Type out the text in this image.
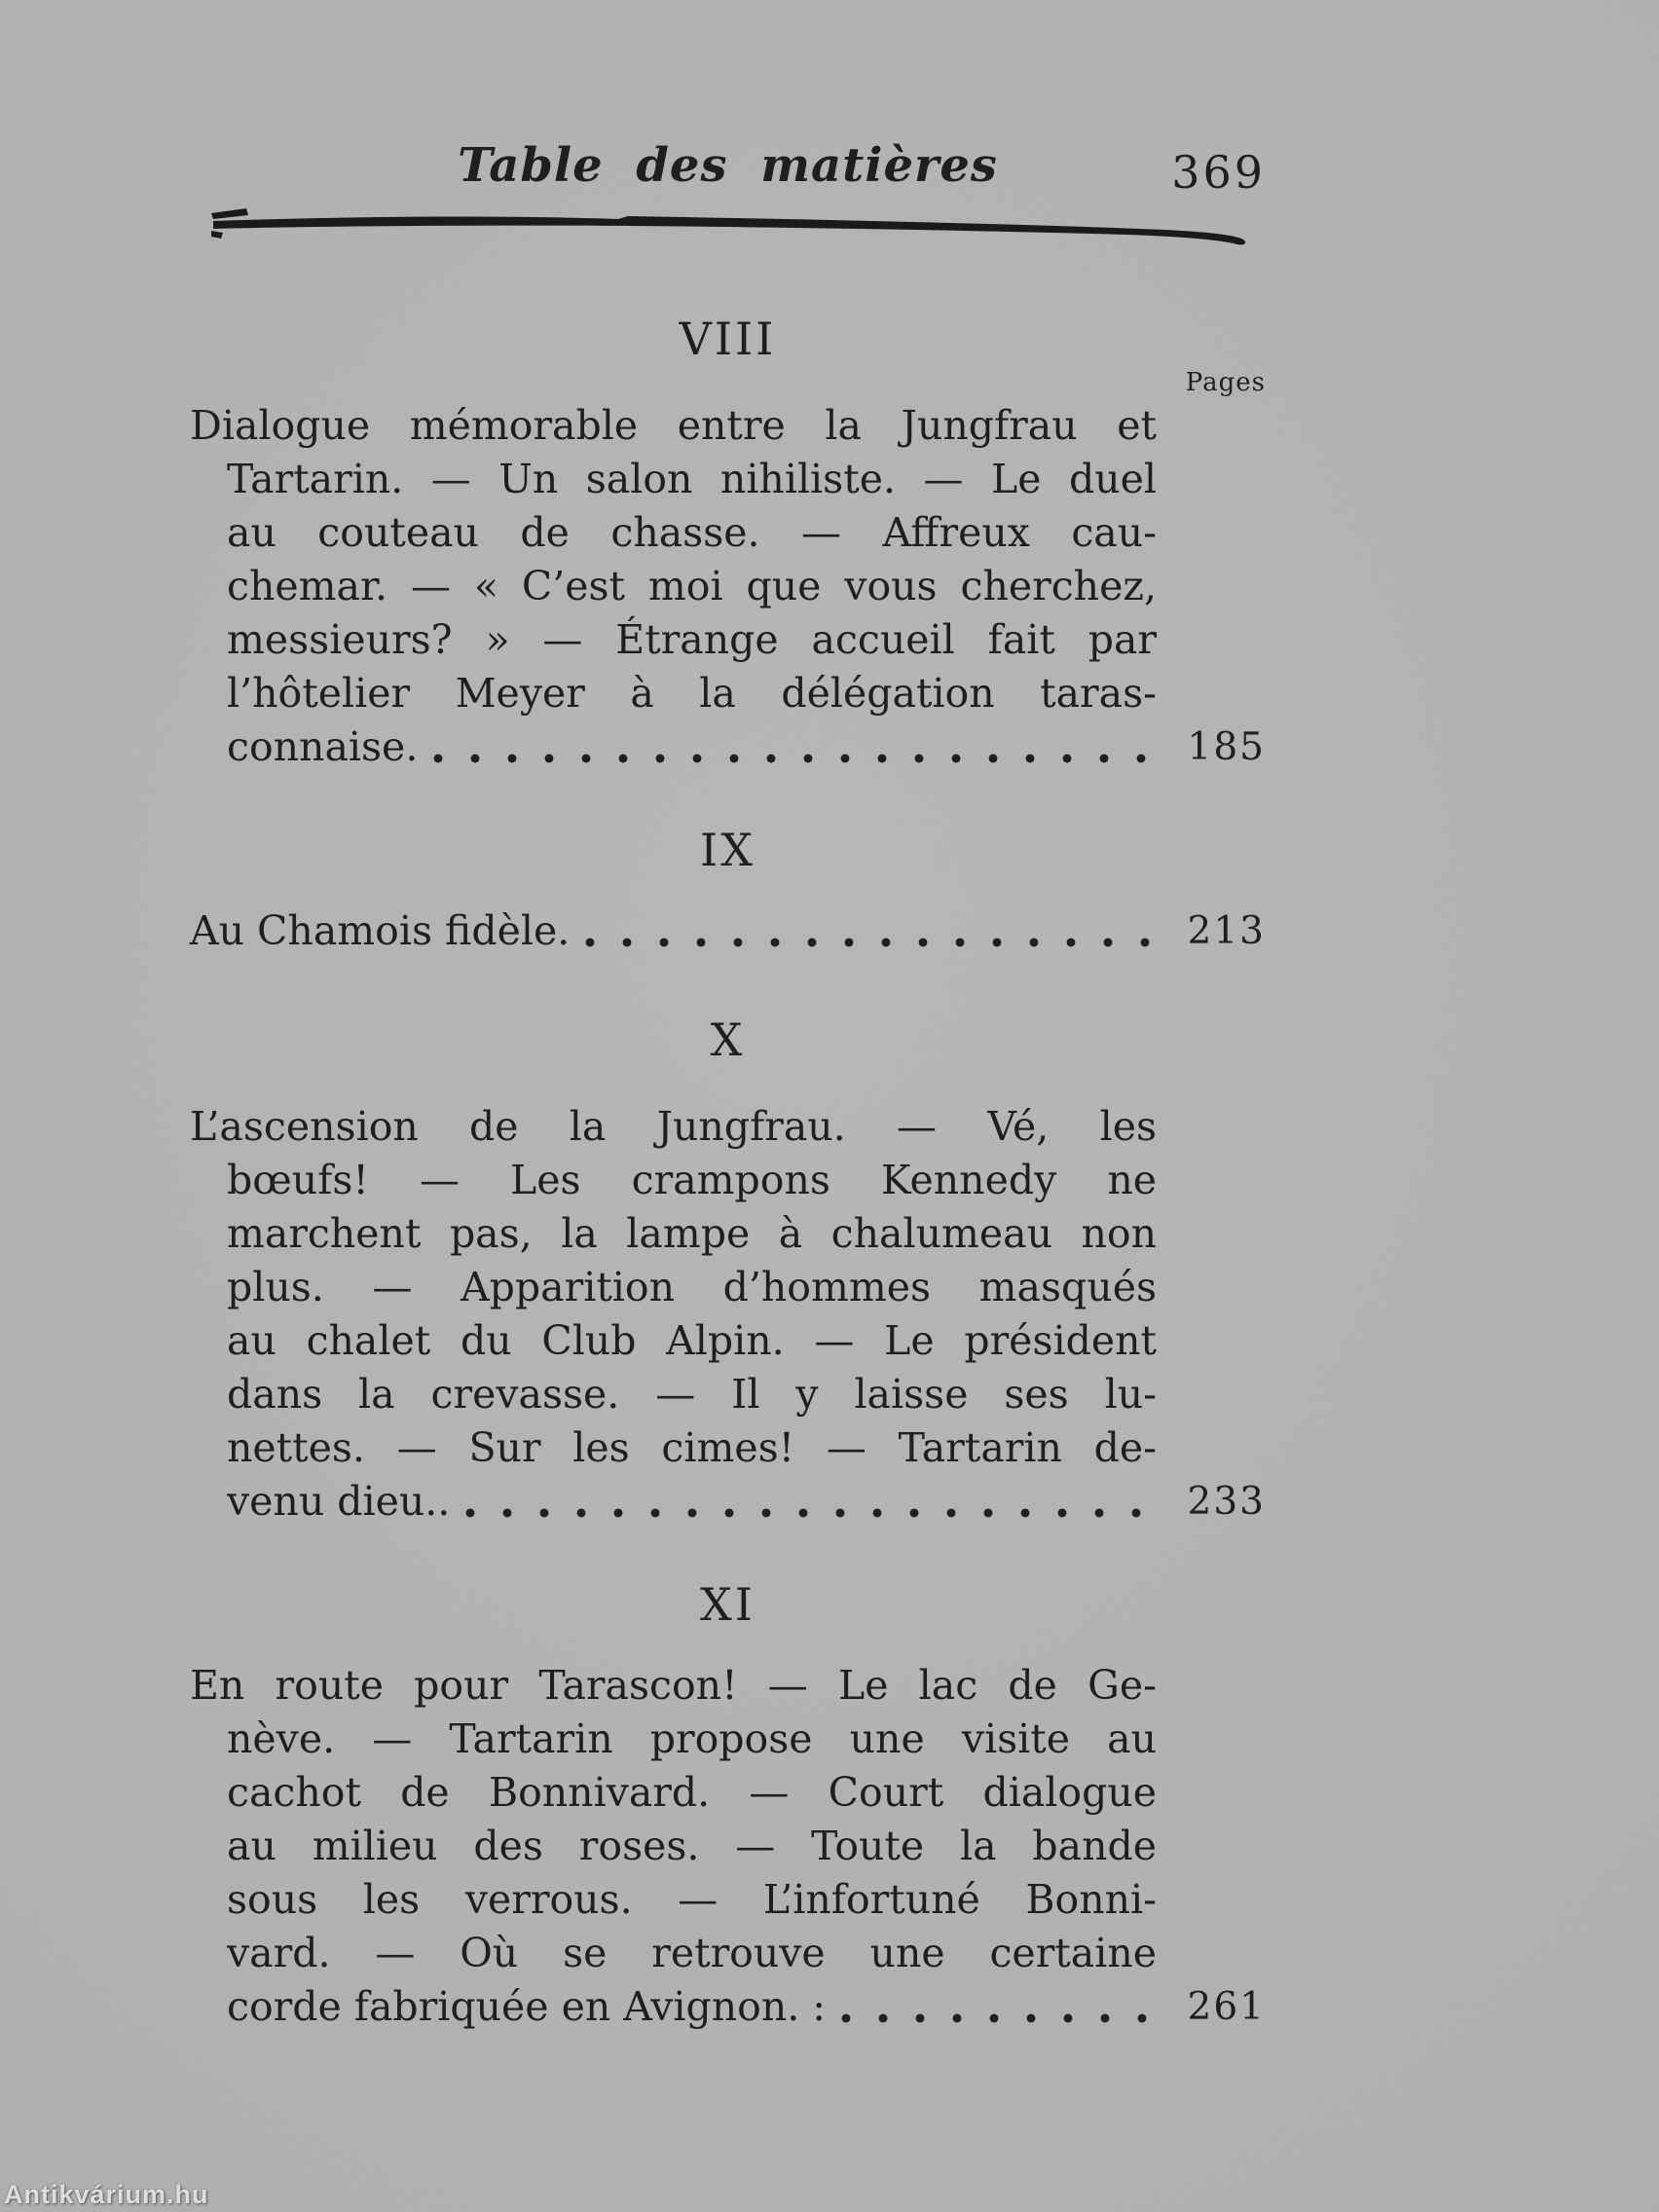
Table des matières	369
VIII
Pages
Dialogue mémorable entre la Jungfrau et
Tartarin. — Un salon nihiliste. — Le duel
au couteau de chasse. — Affreux cau-
chemar. — « C’est moi que vous cherchez,
messieurs? » — Étrange accueil fait par
l’hôtelier Meyer à la délégation taras-
connaise.	185
IX
Au Chamois fidèle.	213
X
L’ascension de la Jungfrau. — Vé, les
bœufs! — Les crampons Kennedy ne
marchent pas, la lampe à chalumeau non
plus. — Apparition d’hommes masqués
au chalet du Club Alpin. — Le président
dans la crevasse. — Il y laisse ses lu-
nettes. — Sur les cimes! — Tartarin de-
venu dieu..	233
XI
En route pour Tarascon! — Le lac de Ge-
nève. — Tartarin propose une visite au
cachot de Bonnivard. — Court dialogue
au milieu des roses. — Toute la bande
sous les verrous. — L’infortuné Bonni-
vard. — Où se retrouve une certaine
corde fabriquée en Avignon. :	261
Antikvárium.hu
